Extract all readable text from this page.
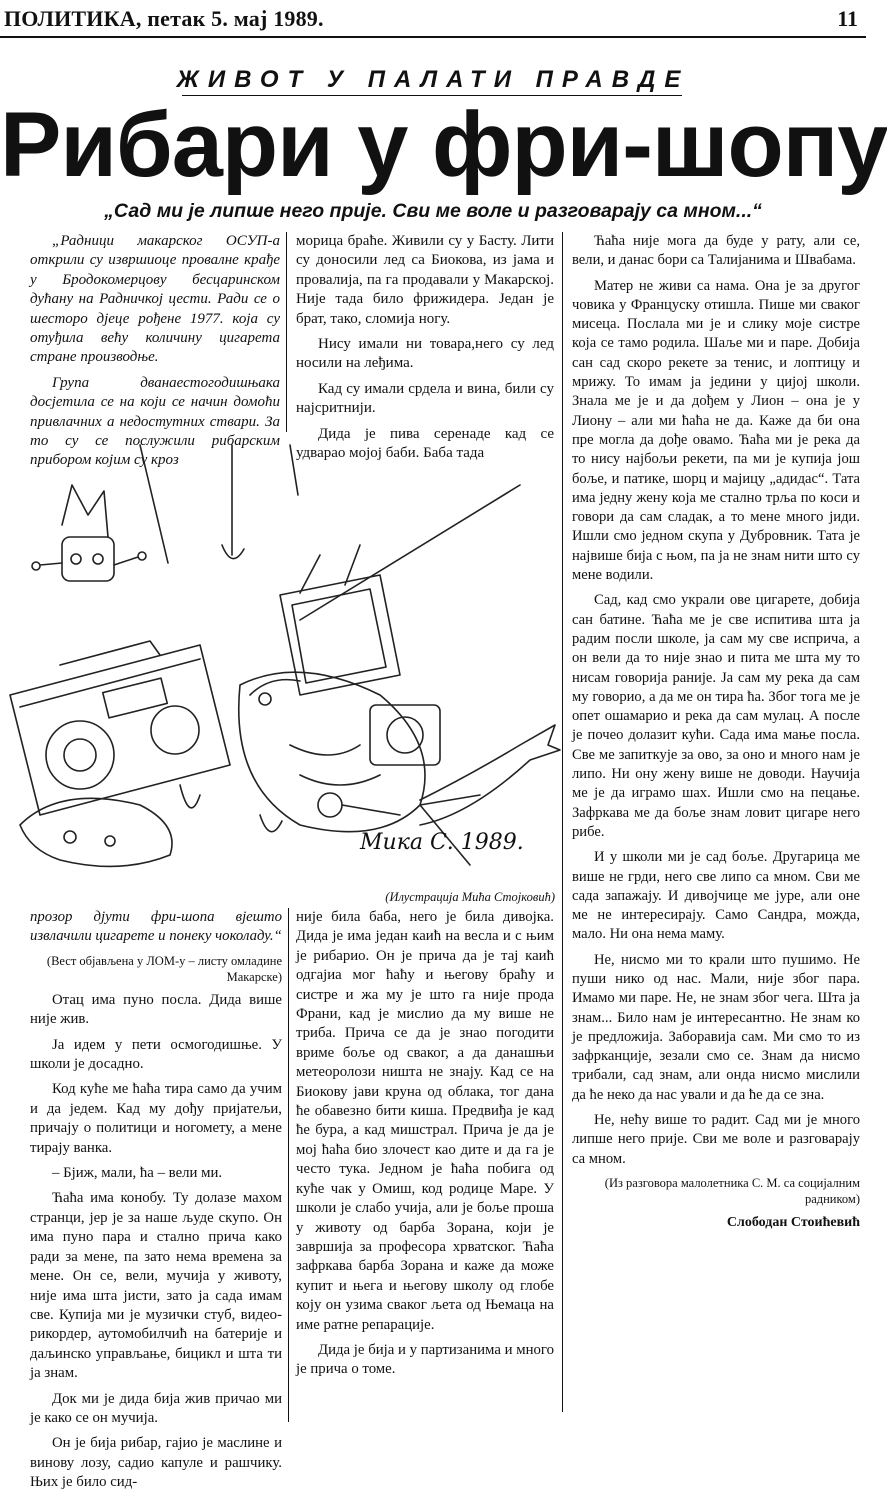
ПОЛИТИКА, петак 5. мај 1989.	11
ЖИВОТ У ПАЛАТИ ПРАВДЕ
Рибари у фри-шопу
„Сад ми је липше него прије. Сви ме воле и разговарају са мном...“

„Радници макарског ОСУП-а открили су извршиоце провалне крађе у Бродокомерцову бесцаринском дућану на Радничкој цести. Ради се о шесторо дјеце рођене 1977. која су отуђила већу количину цигарета стране производње.

Група дванаестогодишњака досјетила се на који се начин домоћи привлачних а недостутних ствари. За то су се послужили рибарским прибором којим су кроз

морица браће. Живили су у Басту. Лити су доносили лед са Биокова, из јама и провалија, па га продавали у Макарској. Није тада било фрижидера. Један је брат, тако, сломија ногу.

Нису имали ни товара,него су лед носили на леђима.

Кад су имали срдела и вина, били су најсритнији.

Дида је пива серенаде кад се удварао мојој баби. Баба тада

Ћаћа није мога да буде у рату, али се, вели, и данас бори са Талијанима и Швабама.

Матер не живи са нама. Она је за другог човика у Француску отишла. Пише ми сваког мисеца. Послала ми је и слику моје систре која се тамо родила. Шаље ми и паре. Добија сан сад скоро рекете за тенис, и лоптицу и мрижу. То имам ја једини у цијој школи. Знала ме је и да дођем у Лион – она је у Лиону – али ми ћаћа не да. Каже да би она пре могла да дође овамо. Ћаћа ми је река да то нису најбољи рекети, па ми је купија још боље, и патике, шорц и мајицу „адидас“. Тата има једну жену која ме стално трља по коси и говори да сам сладак, а то мене много јиди. Ишли смо једном скупа у Дубровник. Тата је највише бија с њом, па ја не знам нити што су мене водили.

Сад, кад смо украли ове цигарете, добија сан батине. Ћаћа ме је све испитива шта ја радим посли школе, ја сам му све исприча, а он вели да то није знао и пита ме шта му то нисам говорија раније. Ја сам му река да сам му говорио, а да ме он тира ћа. Због тога ме је опет ошамарио и река да сам мулац. А после је почео долазит кући. Сада има мање посла. Све ме запиткује за ово, за оно и много нам је липо. Ни ону жену више не доводи. Научија ме је да играмо шах. Ишли смо на пецање. Зафркава ме да боље знам ловит цигаре него рибе.

И у школи ми је сад боље. Другарица ме више не грди, него све липо са мном. Сви ме сада запажају. И дивојчице ме јуре, али оне ме не интересирају. Само Сандра, можда, мало. Ни она нема маму.

Не, нисмо ми то крали што пушимо. Не пуши нико од нас. Мали, није због пара. Имамо ми паре. Не, не знам због чега. Шта ја знам... Било нам је интересантно. Не знам ко је предложија. Заборавија сам. Ми смо то из зафрканције, зезали смо се. Знам да нисмо трибали, сад знам, али онда нисмо мислили да ће неко да нас ували и да ће да се зна.

Не, нећу више то радит. Сад ми је много липше него прије. Сви ме воле и разговарају са мном.

(Из разговора малолетника С. М. са социјалним радником)

Слободан Стоићевић

Mика С. 1989.
(Илустрација Мића Стојковић)

прозор дјути фри-шопа вјешто извлачили цигарете и понеку чоколаду.“

(Вест објављена у ЛОМ-у – листу омладине Макарске)

Отац има пуно посла. Дида више није жив.

Ја идем у пети осмогодишње. У школи је досадно.

Код куће ме ћаћа тира само да учим и да једем. Кад му дођу пријатељи, причају о политици и ногомету, а мене тирају ванка.

– Бјиж, мали, ћа – вели ми.

Ћаћа има конобу. Ту долазе махом странци, јер је за наше људе скупо. Он има пуно пара и стално прича како ради за мене, па зато нема времена за мене. Он се, вели, мучија у животу, није има шта јисти, зато ја сада имам све. Купија ми је музички стуб, видео-рикордер, аутомобилчић на батерије и даљинско управљање, бицикл и шта ти ја знам.

Док ми је дида бија жив причао ми је како се он мучија.

Он је бија рибар, гајио је маслине и винову лозу, садио капуле и рашчику. Њих је било сид-

није била баба, него је била дивојка. Дида је има један каић на весла и с њим је рибарио. Он је прича да је тај каић одгајиа мог ћаћу и његову браћу и систре и жа му је што га није прода Франи, кад је мислио да му више не триба. Прича се да је знао погодити вриме боље од сваког, а да данашњи метеоролози ништа не знају. Кад се на Биокову јави круна од облака, тог дана ће обавезно бити киша. Предвиђа је кад ће бура, а кад мишстрал. Прича је да је мој ћаћа био злочест као дите и да га је често тука. Једном је ћаћа побига од куће чак у Омиш, код родице Маре. У школи је слабо учија, али је боље проша у животу од барба Зорана, који је завршија за професора хрватског. Ћаћа зафркава барба Зорана и каже да може купит и њега и његову школу од глобе коју он узима сваког љета од Њемаца на име ратне репарације.

Дида је бија и у партизанима и много је прича о томе.
